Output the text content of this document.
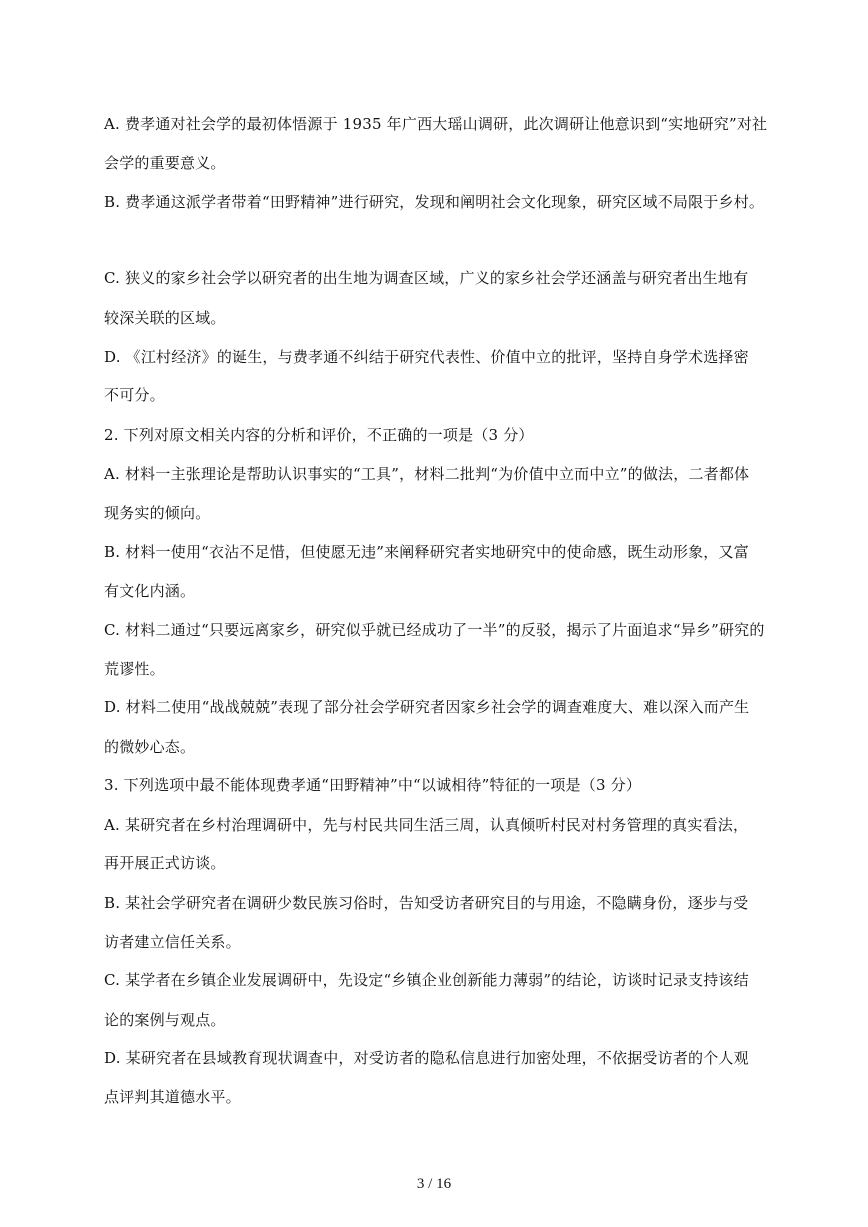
A. 费孝通对社会学的最初体悟源于 1935 年广西大瑶山调研，此次调研让他意识到“实地研究”对社
会学的重要意义。
B. 费孝通这派学者带着“田野精神”进行研究，发现和阐明社会文化现象，研究区域不局限于乡村。
C. 狭义的家乡社会学以研究者的出生地为调查区域，广义的家乡社会学还涵盖与研究者出生地有
较深关联的区域。
D. 《江村经济》的诞生，与费孝通不纠结于研究代表性、价值中立的批评，坚持自身学术选择密
不可分。
2. 下列对原文相关内容的分析和评价，不正确的一项是（3 分）
A. 材料一主张理论是帮助认识事实的“工具”，材料二批判“为价值中立而中立”的做法，二者都体
现务实的倾向。
B. 材料一使用“衣沾不足惜，但使愿无违”来阐释研究者实地研究中的使命感，既生动形象，又富
有文化内涵。
C. 材料二通过“只要远离家乡，研究似乎就已经成功了一半”的反驳，揭示了片面追求“异乡”研究的
荒谬性。
D. 材料二使用“战战兢兢”表现了部分社会学研究者因家乡社会学的调查难度大、难以深入而产生
的微妙心态。
3. 下列选项中最不能体现费孝通“田野精神”中“以诚相待”特征的一项是（3 分）
A. 某研究者在乡村治理调研中，先与村民共同生活三周，认真倾听村民对村务管理的真实看法，
再开展正式访谈。
B. 某社会学研究者在调研少数民族习俗时，告知受访者研究目的与用途，不隐瞒身份，逐步与受
访者建立信任关系。
C. 某学者在乡镇企业发展调研中，先设定“乡镇企业创新能力薄弱”的结论，访谈时记录支持该结
论的案例与观点。
D. 某研究者在县域教育现状调查中，对受访者的隐私信息进行加密处理，不依据受访者的个人观
点评判其道德水平。
3 / 16
